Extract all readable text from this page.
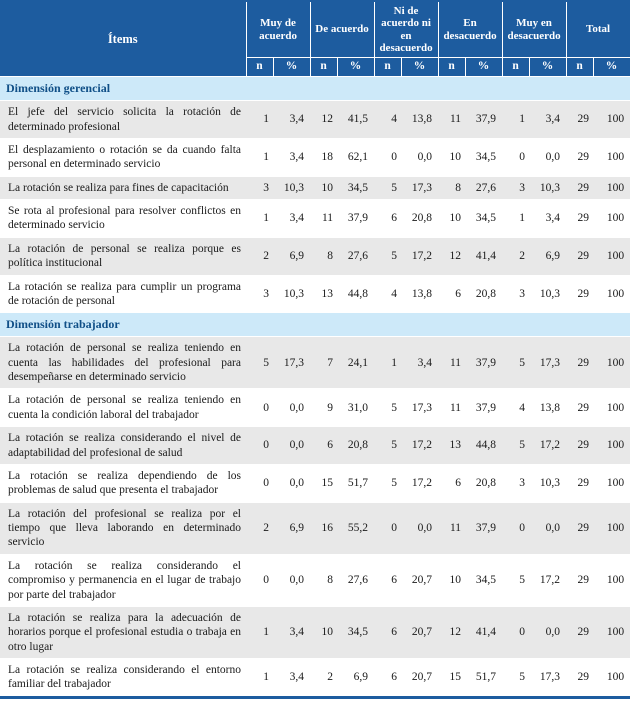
Ítems	Muy de acuerdo		De acuerdo		Ni de acuerdo ni en desacuerdo		En desacuerdo		Muy en desacuerdo		Total	
	n	%	n	%	n	%	n	%	n	%	n	%
Dimensión gerencial												
El jefe del servicio solicita la rotación de determinado profesional	1	3,4	12	41,5	4	13,8	11	37,9	1	3,4	29	100
El desplazamiento o rotación se da cuando falta personal en determinado servicio	1	3,4	18	62,1	0	0,0	10	34,5	0	0,0	29	100
La rotación se realiza para fines de capacitación	3	10,3	10	34,5	5	17,3	8	27,6	3	10,3	29	100
Se rota al profesional para resolver conflictos en determinado servicio	1	3,4	11	37,9	6	20,8	10	34,5	1	3,4	29	100
La rotación de personal se realiza porque es política institucional	2	6,9	8	27,6	5	17,2	12	41,4	2	6,9	29	100
La rotación se realiza para cumplir un programa de rotación de personal	3	10,3	13	44,8	4	13,8	6	20,8	3	10,3	29	100
Dimensión trabajador												
La rotación de personal se realiza teniendo en cuenta las habilidades del profesional para desempeñarse en determinado servicio	5	17,3	7	24,1	1	3,4	11	37,9	5	17,3	29	100
La rotación de personal se realiza teniendo en cuenta la condición laboral del trabajador	0	0,0	9	31,0	5	17,3	11	37,9	4	13,8	29	100
La rotación se realiza considerando el nivel de adaptabilidad del profesional de salud	0	0,0	6	20,8	5	17,2	13	44,8	5	17,2	29	100
La rotación se realiza dependiendo de los problemas de salud que presenta el trabajador	0	0,0	15	51,7	5	17,2	6	20,8	3	10,3	29	100
La rotación del profesional se realiza por el tiempo que lleva laborando en determinado servicio	2	6,9	16	55,2	0	0,0	11	37,9	0	0,0	29	100
La rotación se realiza considerando el compromiso y permanencia en el lugar de trabajo por parte del trabajador	0	0,0	8	27,6	6	20,7	10	34,5	5	17,2	29	100
La rotación se realiza para la adecuación de horarios porque el profesional estudia o trabaja en otro lugar	1	3,4	10	34,5	6	20,7	12	41,4	0	0,0	29	100
La rotación se realiza considerando el entorno familiar del trabajador	1	3,4	2	6,9	6	20,7	15	51,7	5	17,3	29	100
